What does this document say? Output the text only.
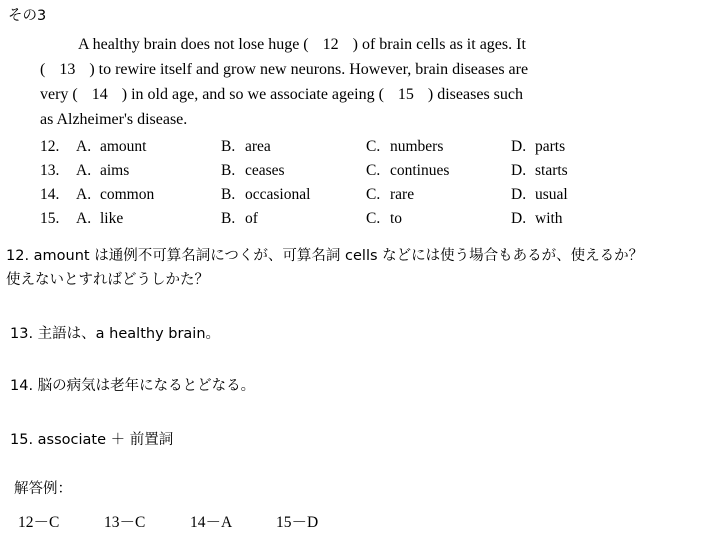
その3
A healthy brain does not lose huge ( 12 ) of brain cells as it ages. It
( 13 ) to rewire itself and grow new neurons. However, brain diseases are
very ( 14 ) in old age, and so we associate ageing ( 15 ) diseases such
as Alzheimer's disease.
12.	A. amount	B. area	C. numbers	D. parts
13.	A. aims	B. ceases	C. continues	D. starts
14.	A. common	B. occasional	C. rare	D. usual
15.	A. like	B. of	C. to	D. with
12. amount は通例不可算名詞につくが、可算名詞 cells などには使う場合もあるが、使えるか？
使えないとすればどうしかた？
13. 主語は、a healthy brain。
14. 脳の病気は老年になるとどなる。
15. associate ＋ 前置詞
解答例：
12－C	13－C	14－A	15－D
